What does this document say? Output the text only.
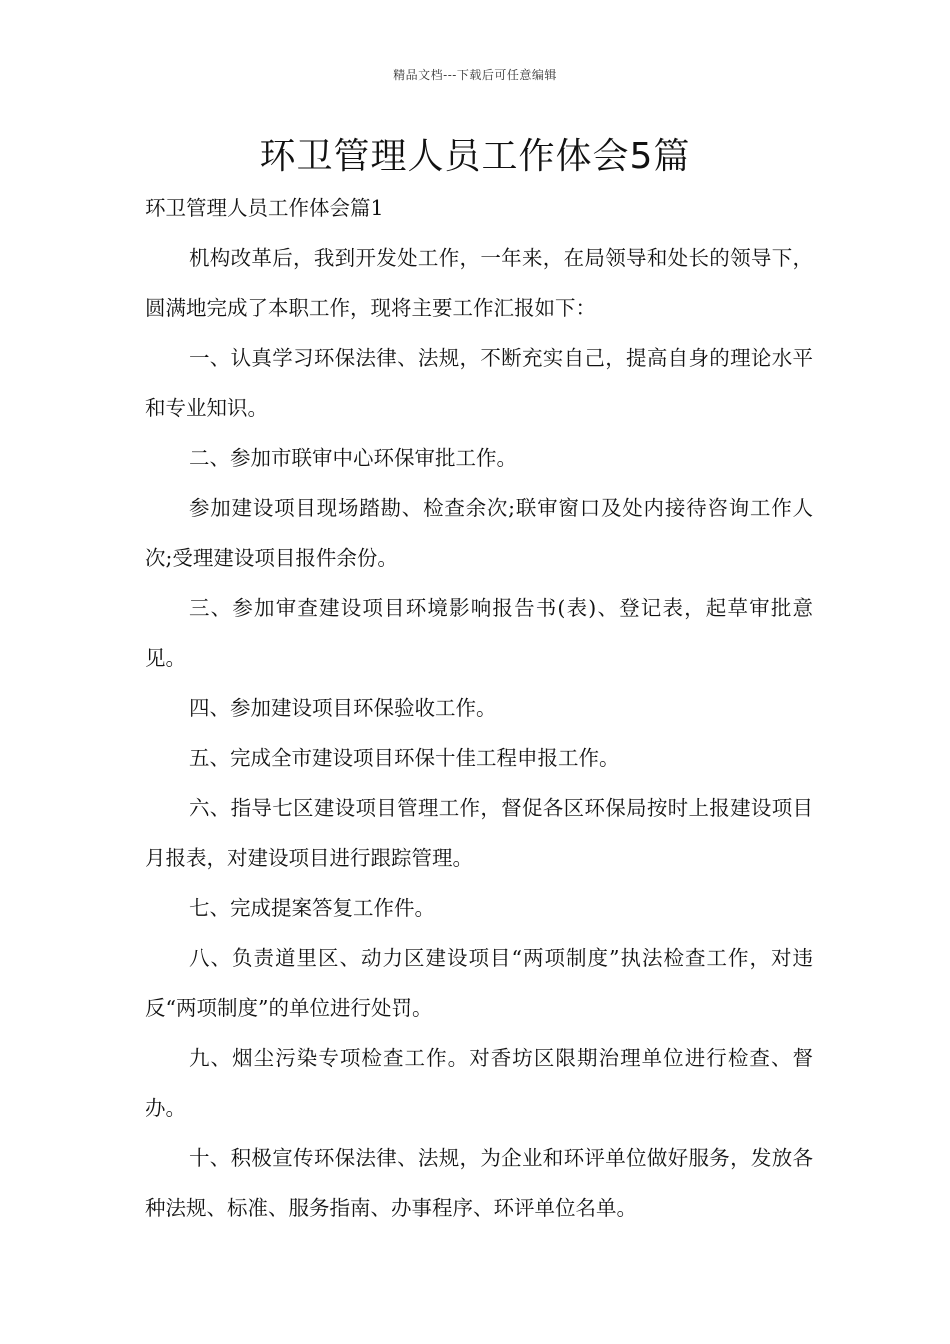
精品文档---下载后可任意编辑
环卫管理人员工作体会5篇

环卫管理人员工作体会篇1

机构改革后，我到开发处工作，一年来，在局领导和处长的领导下，圆满地完成了本职工作，现将主要工作汇报如下：

一、认真学习环保法律、法规，不断充实自己，提高自身的理论水平和专业知识。

二、参加市联审中心环保审批工作。

参加建设项目现场踏勘、检查余次;联审窗口及处内接待咨询工作人次;受理建设项目报件余份。

三、参加审查建设项目环境影响报告书(表)、登记表，起草审批意见。

四、参加建设项目环保验收工作。

五、完成全市建设项目环保十佳工程申报工作。

六、指导七区建设项目管理工作，督促各区环保局按时上报建设项目月报表，对建设项目进行跟踪管理。

七、完成提案答复工作件。

八、负责道里区、动力区建设项目“两项制度”执法检查工作，对违反“两项制度”的单位进行处罚。

九、烟尘污染专项检查工作。对香坊区限期治理单位进行检查、督办。

十、积极宣传环保法律、法规，为企业和环评单位做好服务，发放各种法规、标准、服务指南、办事程序、环评单位名单。
